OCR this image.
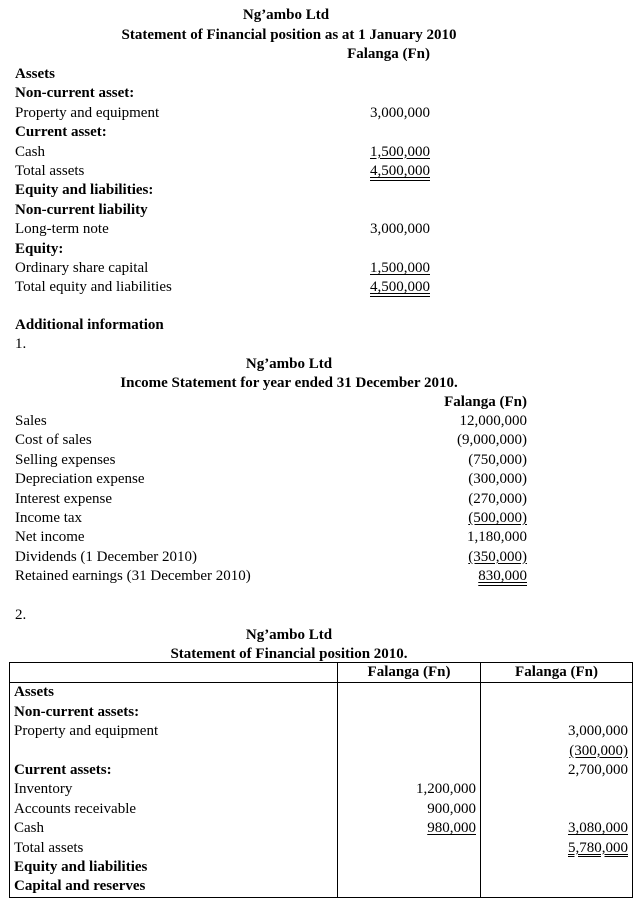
Ng’ambo Ltd
Statement of Financial position as at 1 January 2010
Falanga (Fn)
Assets
Non-current asset:
Property and equipment	3,000,000
Current asset:
Cash	1,500,000
Total assets	4,500,000
Equity and liabilities:
Non-current liability
Long-term note	3,000,000
Equity:
Ordinary share capital	1,500,000
Total equity and liabilities	4,500,000
Additional information
1.
Ng’ambo Ltd
Income Statement for year ended 31 December 2010.
Falanga (Fn)
Sales	12,000,000
Cost of sales	(9,000,000)
Selling expenses	(750,000)
Depreciation expense	(300,000)
Interest expense	(270,000)
Income tax	(500,000)
Net income	1,180,000
Dividends (1 December 2010)	(350,000)
Retained earnings (31 December 2010)	830,000
2.
Ng’ambo Ltd
Statement of Financial position 2010.
	Falanga (Fn)	Falanga (Fn)
Assets		
Non-current assets:		
Property and equipment		3,000,000
		(300,000)
Current assets:		2,700,000
Inventory	1,200,000	
Accounts receivable	900,000	
Cash	980,000	3,080,000
Total assets		5,780,000
Equity and liabilities		
Capital and reserves		
